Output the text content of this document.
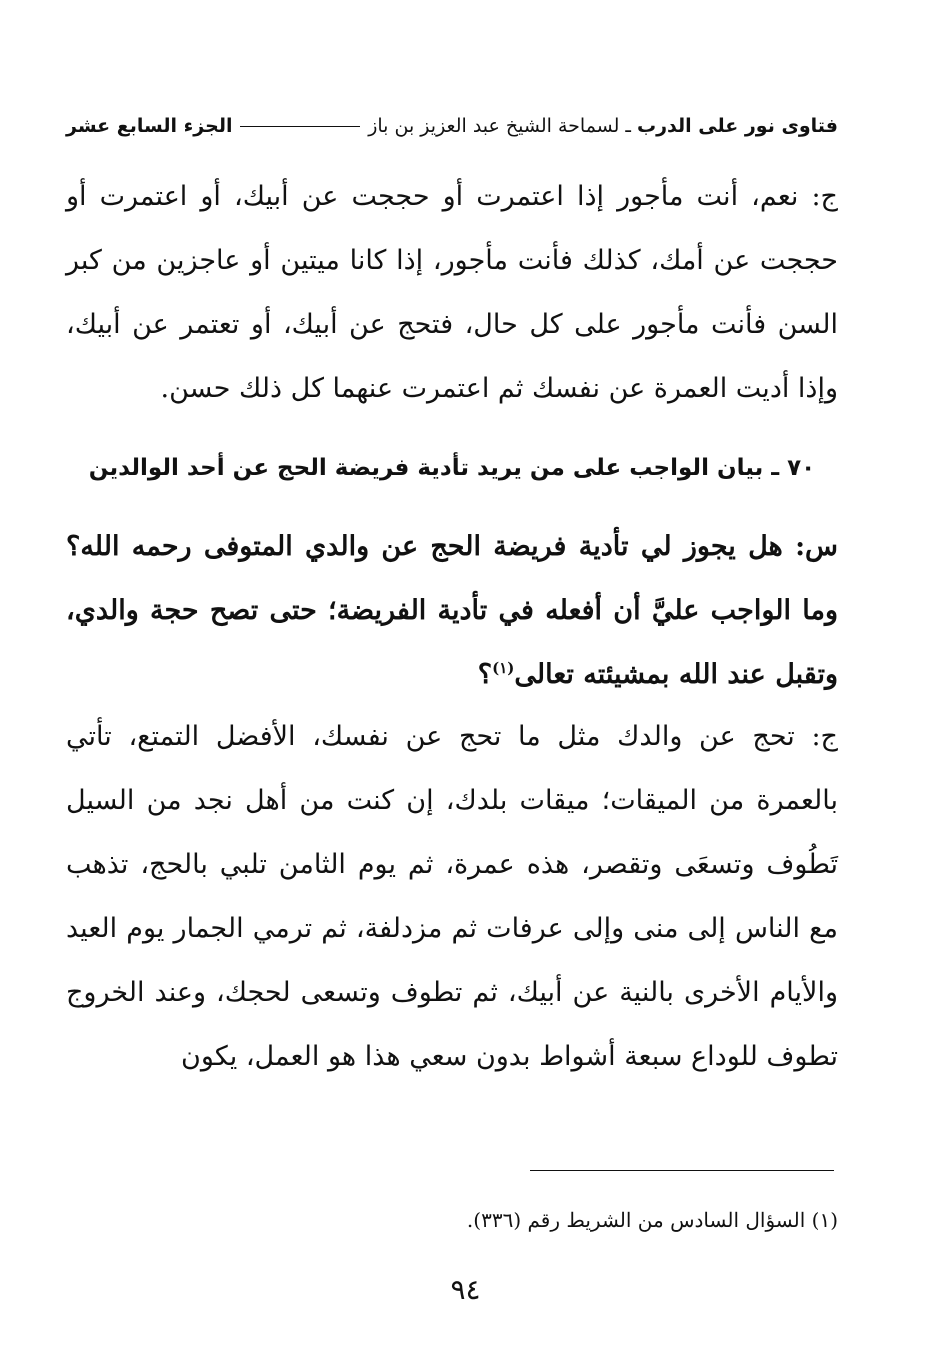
فتاوى نور على الدرب
ـ
لسماحة الشيخ عبد العزيز بن باز
الجزء السابع عشر

ج: نعم، أنت مأجور إذا اعتمرت أو حججت عن أبيك، أو اعتمرت أو حججت عن أمك، كذلك فأنت مأجور، إذا كانا ميتين أو عاجزين من كبر السن فأنت مأجور على كل حال، فتحج عن أبيك، أو تعتمر عن أبيك، وإذا أديت العمرة عن نفسك ثم اعتمرت عنهما كل ذلك حسن.

٧٠ ـ بيان الواجب على من يريد تأدية فريضة الحج عن أحد الوالدين

س: هل يجوز لي تأدية فريضة الحج عن والدي المتوفى رحمه الله؟ وما الواجب عليَّ أن أفعله في تأدية الفريضة؛ حتى تصح حجة والدي، وتقبل عند الله بمشيئته تعالى$^{(١)}$؟

ج: تحج عن والدك مثل ما تحج عن نفسك، الأفضل التمتع، تأتي بالعمرة من الميقات؛ ميقات بلدك، إن كنت من أهل نجد من السيل تَطُوف وتسعَى وتقصر، هذه عمرة، ثم يوم الثامن تلبي بالحج، تذهب مع الناس إلى منى وإلى عرفات ثم مزدلفة، ثم ترمي الجمار يوم العيد والأيام الأخرى بالنية عن أبيك، ثم تطوف وتسعى لحجك، وعند الخروج تطوف للوداع سبعة أشواط بدون سعي هذا هو العمل، يكون

(١) السؤال السادس من الشريط رقم (٣٣٦).
٩٤
